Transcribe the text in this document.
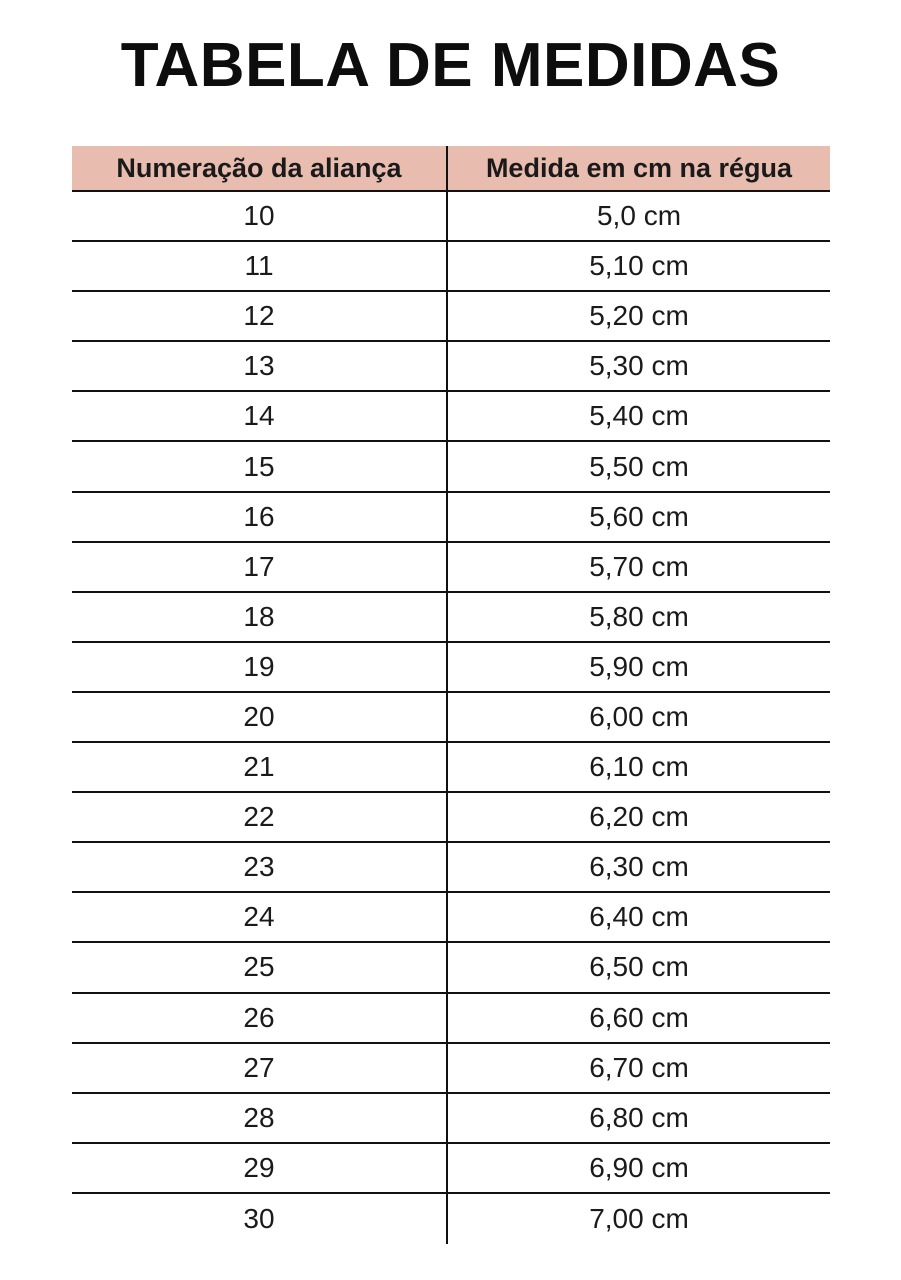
TABELA DE MEDIDAS
Numeração da aliança	Medida em cm na régua
10	5,0 cm
11	5,10 cm
12	5,20 cm
13	5,30 cm
14	5,40 cm
15	5,50 cm
16	5,60 cm
17	5,70 cm
18	5,80 cm
19	5,90 cm
20	6,00 cm
21	6,10 cm
22	6,20 cm
23	6,30 cm
24	6,40 cm
25	6,50 cm
26	6,60 cm
27	6,70 cm
28	6,80 cm
29	6,90 cm
30	7,00 cm
